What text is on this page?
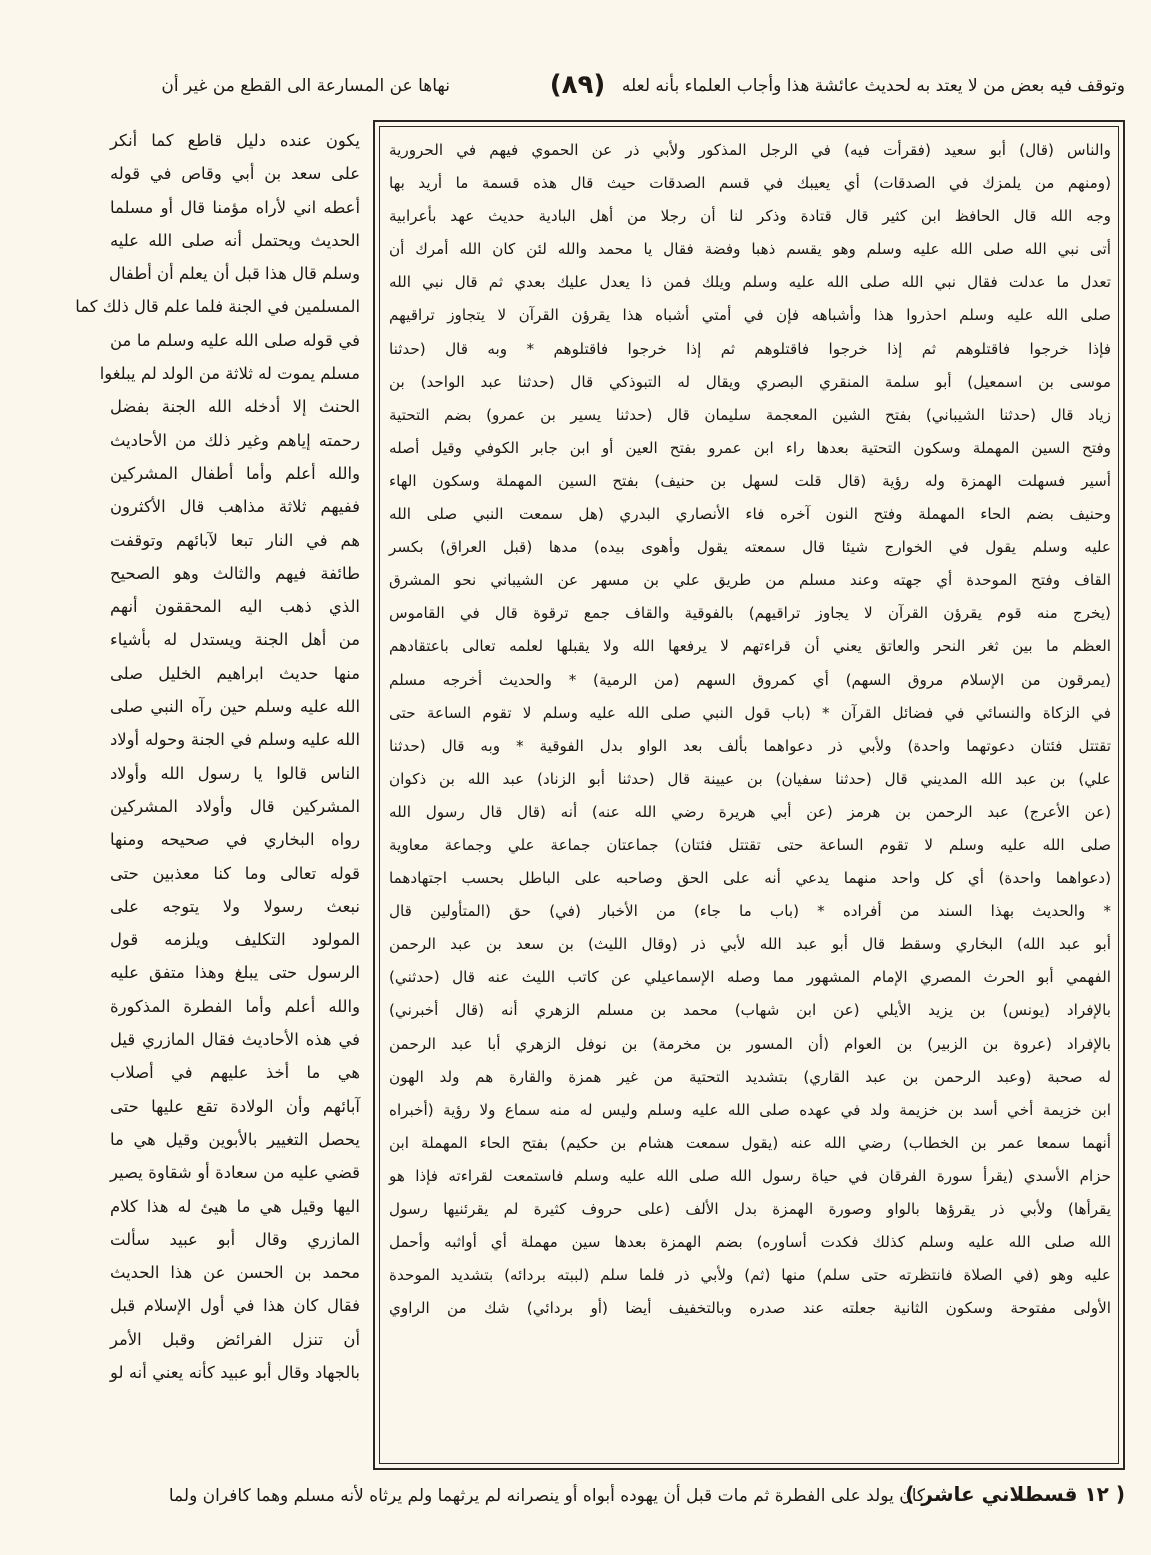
وتوقف فيه بعض من لا يعتد به لحديث عائشة هذا وأجاب العلماء بأنه لعله
(٨٩)
نهاها عن المسارعة الى القطع من غير أن
والناس (قال) أبو سعيد (فقرأت فيه) في الرجل المذكور ولأبي ذر عن الحموي فيهم في الحرورية
(ومنهم من يلمزك في الصدقات) أي يعيبك في قسم الصدقات حيث قال هذه قسمة ما أريد بها
وجه الله قال الحافظ ابن كثير قال قتادة وذكر لنا أن رجلا من أهل البادية حديث عهد بأعرابية
أتى نبي الله صلى الله عليه وسلم وهو يقسم ذهبا وفضة فقال يا محمد والله لئن كان الله أمرك أن
تعدل ما عدلت فقال نبي الله صلى الله عليه وسلم ويلك فمن ذا يعدل عليك بعدي ثم قال نبي الله
صلى الله عليه وسلم احذروا هذا وأشباهه فإن في أمتي أشباه هذا يقرؤن القرآن لا يتجاوز تراقيهم
فإذا خرجوا فاقتلوهم ثم إذا خرجوا فاقتلوهم ثم إذا خرجوا فاقتلوهم * وبه قال (حدثنا
موسى بن اسمعيل) أبو سلمة المنقري البصري ويقال له التبوذكي قال (حدثنا عبد الواحد) بن
زياد قال (حدثنا الشيباني) بفتح الشين المعجمة سليمان قال (حدثنا يسير بن عمرو) بضم التحتية
وفتح السين المهملة وسكون التحتية بعدها راء ابن عمرو بفتح العين أو ابن جابر الكوفي وقيل أصله
أسير فسهلت الهمزة وله رؤية (قال قلت لسهل بن حنيف) بفتح السين المهملة وسكون الهاء
وحنيف بضم الحاء المهملة وفتح النون آخره فاء الأنصاري البدري (هل سمعت النبي صلى الله
عليه وسلم يقول في الخوارج شيئا قال سمعته يقول وأهوى بيده) مدها (قبل العراق) بكسر
القاف وفتح الموحدة أي جهته وعند مسلم من طريق علي بن مسهر عن الشيباني نحو المشرق
(يخرج منه قوم يقرؤن القرآن لا يجاوز تراقيهم) بالفوقية والقاف جمع ترقوة قال في القاموس
العظم ما بين ثغر النحر والعاتق يعني أن قراءتهم لا يرفعها الله ولا يقبلها لعلمه تعالى باعتقادهم
(يمرقون من الإسلام مروق السهم) أي كمروق السهم (من الرمية) * والحديث أخرجه مسلم
في الزكاة والنسائي في فضائل القرآن * (باب قول النبي صلى الله عليه وسلم لا تقوم الساعة حتى
تقتتل فئتان دعوتهما واحدة) ولأبي ذر دعواهما بألف بعد الواو بدل الفوقية * وبه قال (حدثنا
علي) بن عبد الله المديني قال (حدثنا سفيان) بن عيينة قال (حدثنا أبو الزناد) عبد الله بن ذكوان
(عن الأعرج) عبد الرحمن بن هرمز (عن أبي هريرة رضي الله عنه) أنه (قال قال رسول الله
صلى الله عليه وسلم لا تقوم الساعة حتى تقتتل فئتان) جماعتان جماعة علي وجماعة معاوية
(دعواهما واحدة) أي كل واحد منهما يدعي أنه على الحق وصاحبه على الباطل بحسب اجتهادهما
* والحديث بهذا السند من أفراده * (باب ما جاء) من الأخبار (في) حق (المتأولين قال
أبو عبد الله) البخاري وسقط قال أبو عبد الله لأبي ذر (وقال الليث) بن سعد بن عبد الرحمن
الفهمي أبو الحرث المصري الإمام المشهور مما وصله الإسماعيلي عن كاتب الليث عنه قال (حدثني)
بالإفراد (يونس) بن يزيد الأيلي (عن ابن شهاب) محمد بن مسلم الزهري أنه (قال أخبرني)
بالإفراد (عروة بن الزبير) بن العوام (أن المسور بن مخرمة) بن نوفل الزهري أبا عبد الرحمن
له صحبة (وعبد الرحمن بن عبد القاري) بتشديد التحتية من غير همزة والقارة هم ولد الهون
ابن خزيمة أخي أسد بن خزيمة ولد في عهده صلى الله عليه وسلم وليس له منه سماع ولا رؤية (أخبراه
أنهما سمعا عمر بن الخطاب) رضي الله عنه (يقول سمعت هشام بن حكيم) بفتح الحاء المهملة ابن
حزام الأسدي (يقرأ سورة الفرقان في حياة رسول الله صلى الله عليه وسلم فاستمعت لقراءته فإذا هو
يقرأها) ولأبي ذر يقرؤها بالواو وصورة الهمزة بدل الألف (على حروف كثيرة لم يقرئنيها رسول
الله صلى الله عليه وسلم كذلك فكدت أساوره) بضم الهمزة بعدها سين مهملة أي أواثبه وأحمل
عليه وهو (في الصلاة فانتظرته حتى سلم) منها (ثم) ولأبي ذر فلما سلم (لببته بردائه) بتشديد الموحدة
الأولى مفتوحة وسكون الثانية جعلته عند صدره وبالتخفيف أيضا (أو بردائي) شك من الراوي
يكون عنده دليل قاطع كما أنكر
على سعد بن أبي وقاص في قوله
أعطه اني لأراه مؤمنا قال أو مسلما
الحديث ويحتمل أنه صلى الله عليه
وسلم قال هذا قبل أن يعلم أن أطفال
المسلمين في الجنة فلما علم قال ذلك كما
في قوله صلى الله عليه وسلم ما من
مسلم يموت له ثلاثة من الولد لم يبلغوا
الحنث إلا أدخله الله الجنة بفضل
رحمته إياهم وغير ذلك من الأحاديث
والله أعلم وأما أطفال المشركين
ففيهم ثلاثة مذاهب قال الأكثرون
هم في النار تبعا لآبائهم وتوقفت
طائفة فيهم والثالث وهو الصحيح
الذي ذهب اليه المحققون أنهم
من أهل الجنة ويستدل له بأشياء
منها حديث ابراهيم الخليل صلى
الله عليه وسلم حين رآه النبي صلى
الله عليه وسلم في الجنة وحوله أولاد
الناس قالوا يا رسول الله وأولاد
المشركين قال وأولاد المشركين
رواه البخاري في صحيحه ومنها
قوله تعالى وما كنا معذبين حتى
نبعث رسولا ولا يتوجه على
المولود التكليف ويلزمه قول
الرسول حتى يبلغ وهذا متفق عليه
والله أعلم وأما الفطرة المذكورة
في هذه الأحاديث فقال المازري قيل
هي ما أخذ عليهم في أصلاب
آبائهم وأن الولادة تقع عليها حتى
يحصل التغيير بالأبوين وقيل هي ما
قضي عليه من سعادة أو شقاوة يصير
اليها وقيل هي ما هيئ له هذا كلام
المازري وقال أبو عبيد سألت
محمد بن الحسن عن هذا الحديث
فقال كان هذا في أول الإسلام قبل
أن تنزل الفرائض وقبل الأمر
بالجهاد وقال أبو عبيد كأنه يعني أنه لو
( ١٢ قسطلاني عاشر )
كان يولد على الفطرة ثم مات قبل أن يهوده أبواه أو ينصرانه لم يرثهما ولم يرثاه لأنه مسلم وهما كافران ولما
